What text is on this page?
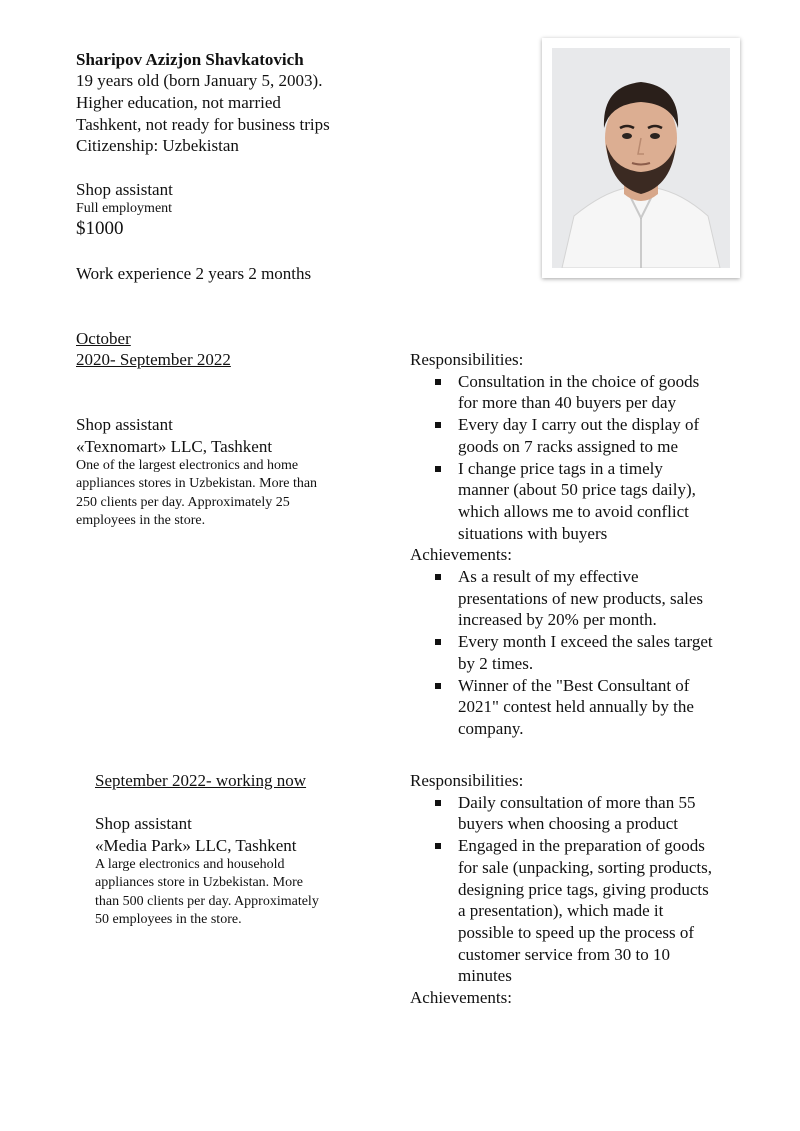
Sharipov Azizjon Shavkatovich
19 years old (born January 5, 2003).
Higher education, not married
Tashkent, not ready for business trips
Citizenship: Uzbekistan
Shop assistant
Full employment
$1000
Work experience 2 years 2 months
October
2020- September 2022
Shop assistant
«Texnomart» LLC, Tashkent
One of the largest electronics and home
appliances stores in Uzbekistan. More than
250 clients per day. Approximately 25
employees in the store.
Responsibilities:
Consultation in the choice of goods
for more than 40 buyers per day
Every day I carry out the display of
goods on 7 racks assigned to me
I change price tags in a timely
manner (about 50 price tags daily),
which allows me to avoid conflict
situations with buyers
Achievements:
As a result of my effective
presentations of new products, sales
increased by 20% per month.
Every month I exceed the sales target
by 2 times.
Winner of the "Best Consultant of
2021" contest held annually by the
company.
September 2022- working now
Shop assistant
«Media Park» LLC, Tashkent
A large electronics and household
appliances store in Uzbekistan. More
than 500 clients per day. Approximately
50 employees in the store.
Responsibilities:
Daily consultation of more than 55
buyers when choosing a product
Engaged in the preparation of goods
for sale (unpacking, sorting products,
designing price tags, giving products
a presentation), which made it
possible to speed up the process of
customer service from 30 to 10
minutes
Achievements:
